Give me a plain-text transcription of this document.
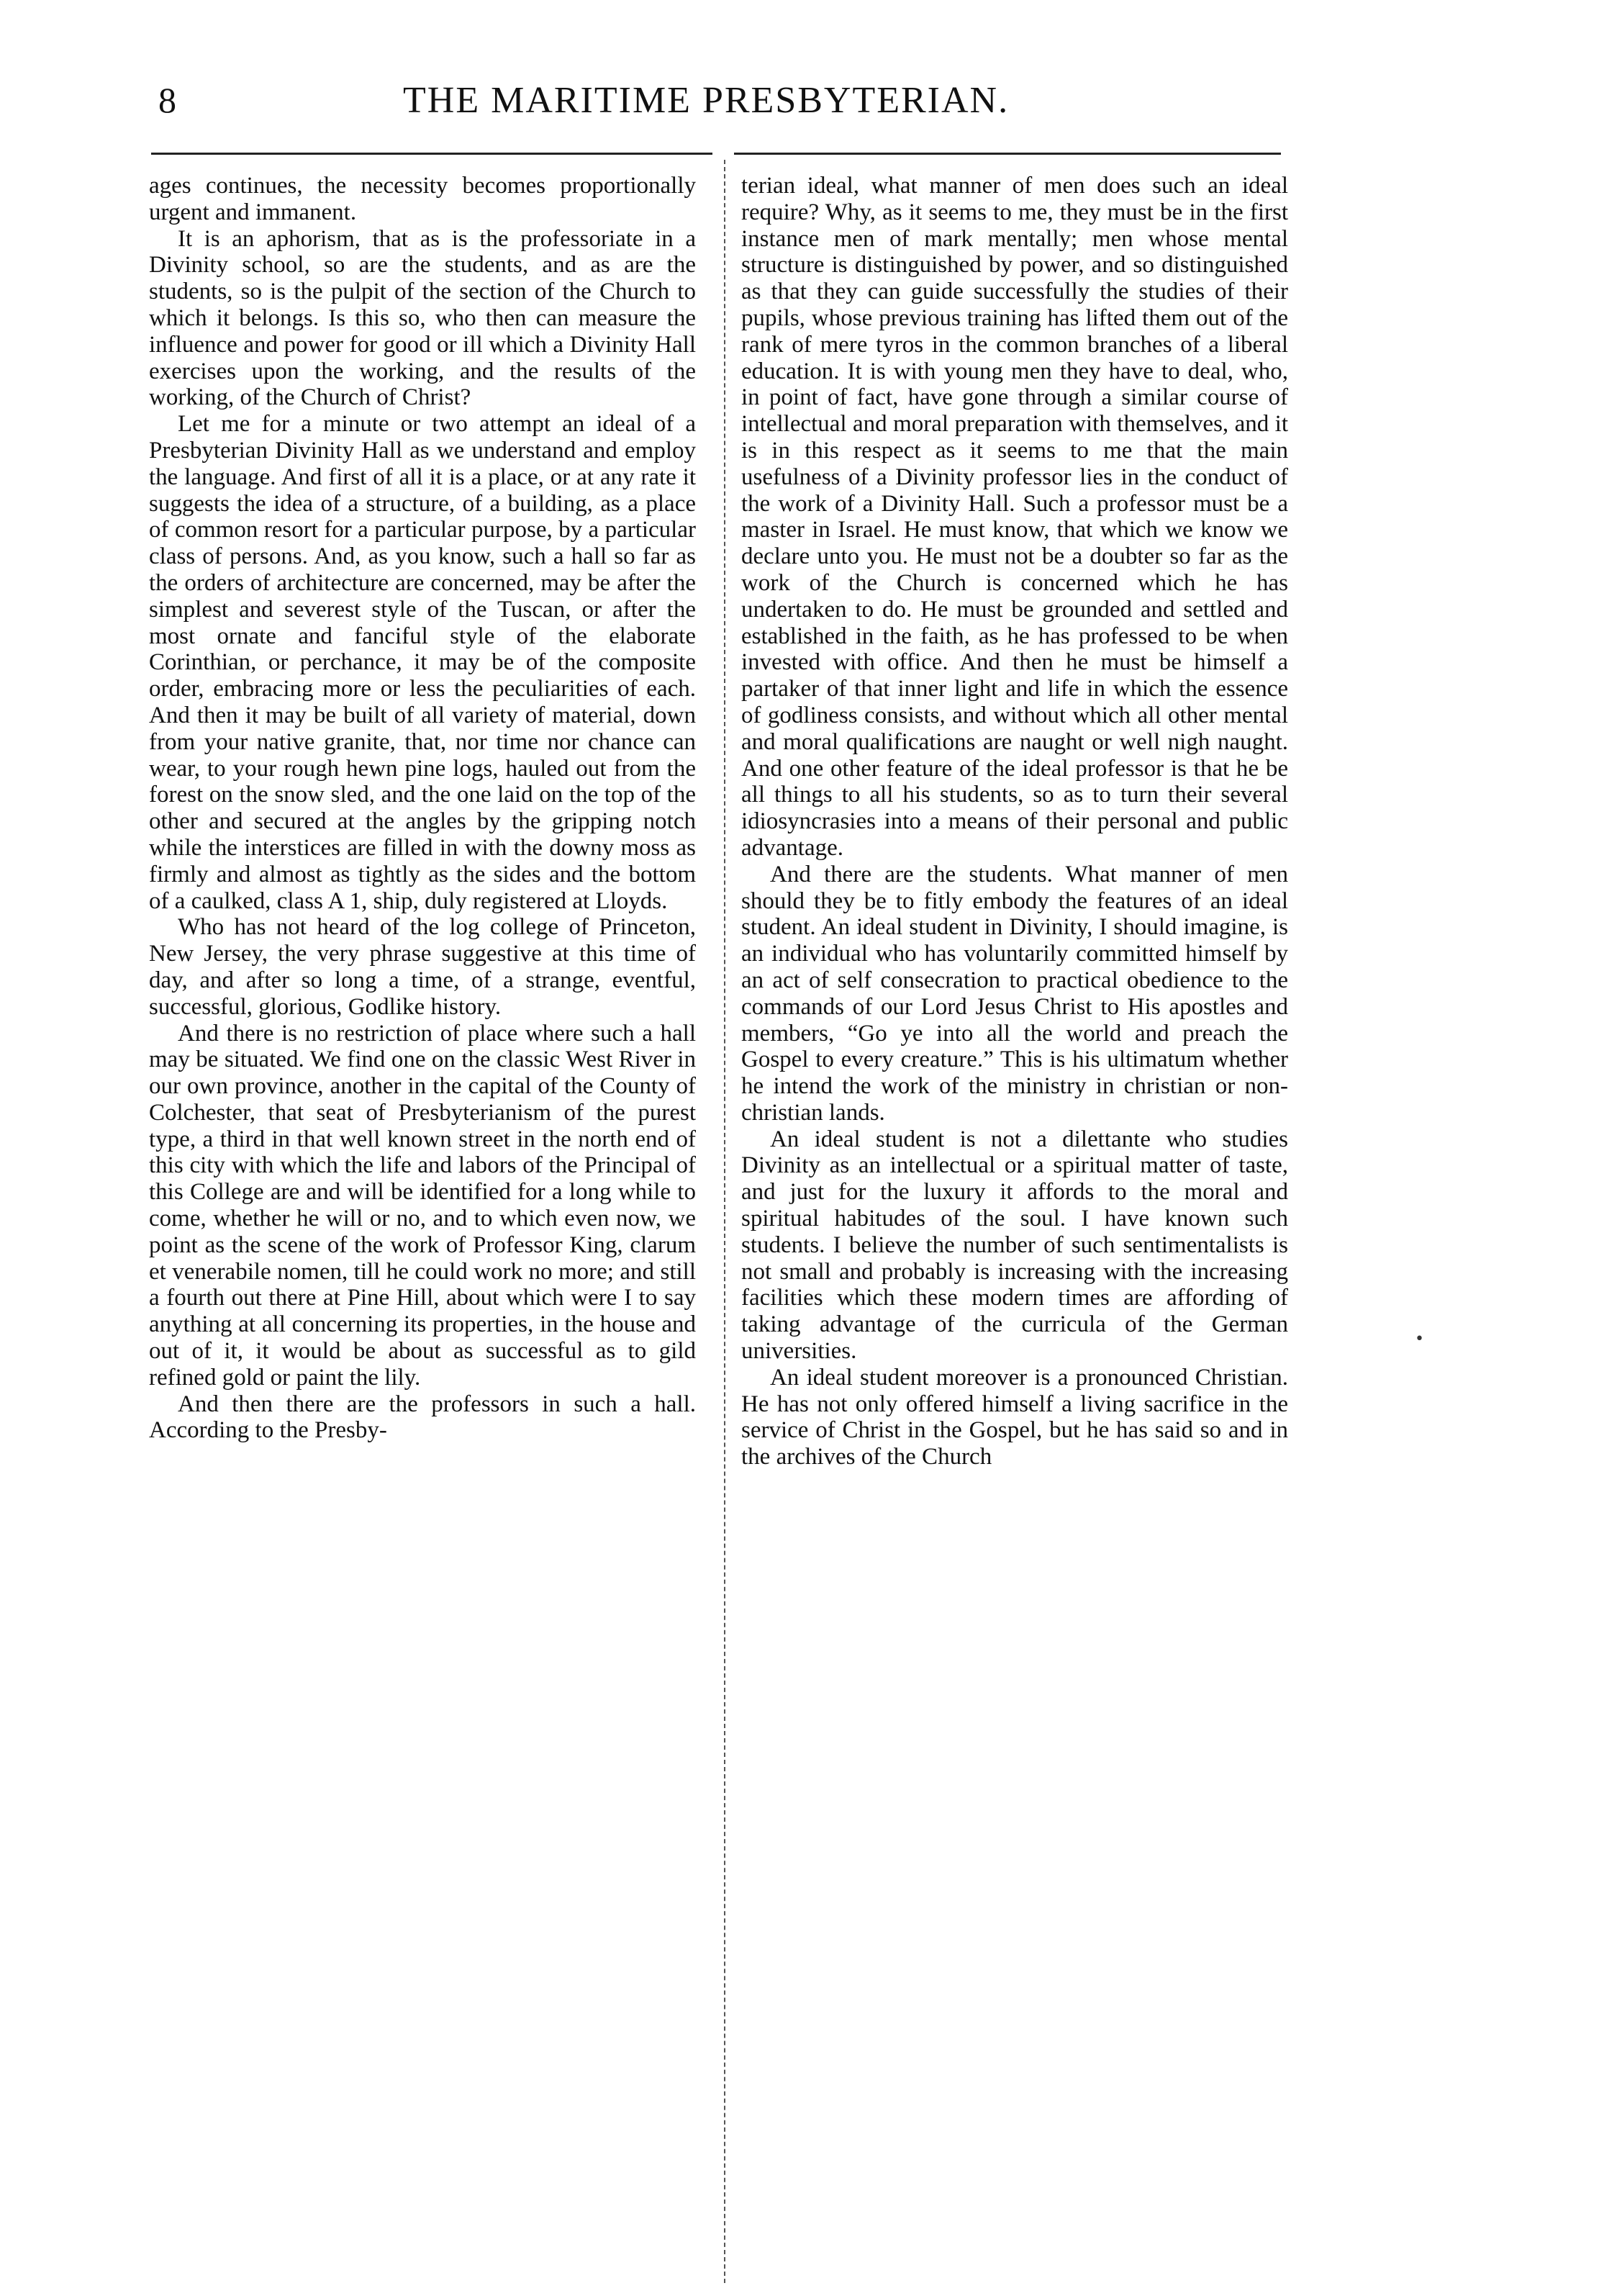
8	THE MARITIME PRESBYTERIAN.

ages continues, the necessity becomes proportionally urgent and immanent.

It is an aphorism, that as is the professoriate in a Divinity school, so are the students, and as are the students, so is the pulpit of the section of the Church to which it belongs. Is this so, who then can measure the influence and power for good or ill which a Divinity Hall exercises upon the working, and the results of the working, of the Church of Christ?

Let me for a minute or two attempt an ideal of a Presbyterian Divinity Hall as we understand and employ the language. And first of all it is a place, or at any rate it suggests the idea of a structure, of a building, as a place of common resort for a particular purpose, by a particular class of persons. And, as you know, such a hall so far as the orders of architecture are concerned, may be after the simplest and severest style of the Tuscan, or after the most ornate and fanciful style of the elaborate Corinthian, or perchance, it may be of the composite order, embracing more or less the peculiarities of each. And then it may be built of all variety of material, down from your native granite, that, nor time nor chance can wear, to your rough hewn pine logs, hauled out from the forest on the snow sled, and the one laid on the top of the other and secured at the angles by the gripping notch while the interstices are filled in with the downy moss as firmly and almost as tightly as the sides and the bottom of a caulked, class A 1, ship, duly registered at Lloyds.

Who has not heard of the log college of Princeton, New Jersey, the very phrase suggestive at this time of day, and after so long a time, of a strange, eventful, successful, glorious, Godlike history.

And there is no restriction of place where such a hall may be situated. We find one on the classic West River in our own province, another in the capital of the County of Colchester, that seat of Presbyterianism of the purest type, a third in that well known street in the north end of this city with which the life and labors of the Principal of this College are and will be identified for a long while to come, whether he will or no, and to which even now, we point as the scene of the work of Professor King, clarum et venerabile nomen, till he could work no more; and still a fourth out there at Pine Hill, about which were I to say anything at all concerning its properties, in the house and out of it, it would be about as successful as to gild refined gold or paint the lily.

And then there are the professors in such a hall. According to the Presby-

terian ideal, what manner of men does such an ideal require? Why, as it seems to me, they must be in the first instance men of mark mentally; men whose mental structure is distinguished by power, and so distinguished as that they can guide successfully the studies of their pupils, whose previous training has lifted them out of the rank of mere tyros in the common branches of a liberal education. It is with young men they have to deal, who, in point of fact, have gone through a similar course of intellectual and moral preparation with themselves, and it is in this respect as it seems to me that the main usefulness of a Divinity professor lies in the conduct of the work of a Divinity Hall. Such a professor must be a master in Israel. He must know, that which we know we declare unto you. He must not be a doubter so far as the work of the Church is concerned which he has undertaken to do. He must be grounded and settled and established in the faith, as he has professed to be when invested with office. And then he must be himself a partaker of that inner light and life in which the essence of godliness consists, and without which all other mental and moral qualifications are naught or well nigh naught. And one other feature of the ideal professor is that he be all things to all his students, so as to turn their several idiosyncrasies into a means of their personal and public advantage.

And there are the students. What manner of men should they be to fitly embody the features of an ideal student. An ideal student in Divinity, I should imagine, is an individual who has voluntarily committed himself by an act of self consecration to practical obedience to the commands of our Lord Jesus Christ to His apostles and members, “Go ye into all the world and preach the Gospel to every creature.” This is his ultimatum whether he intend the work of the ministry in christian or non-christian lands.

An ideal student is not a dilettante who studies Divinity as an intellectual or a spiritual matter of taste, and just for the luxury it affords to the moral and spiritual habitudes of the soul. I have known such students. I believe the number of such sentimentalists is not small and probably is increasing with the increasing facilities which these modern times are affording of taking advantage of the curricula of the German universities.

An ideal student moreover is a pronounced Christian. He has not only offered himself a living sacrifice in the service of Christ in the Gospel, but he has said so and in the archives of the Church

•
